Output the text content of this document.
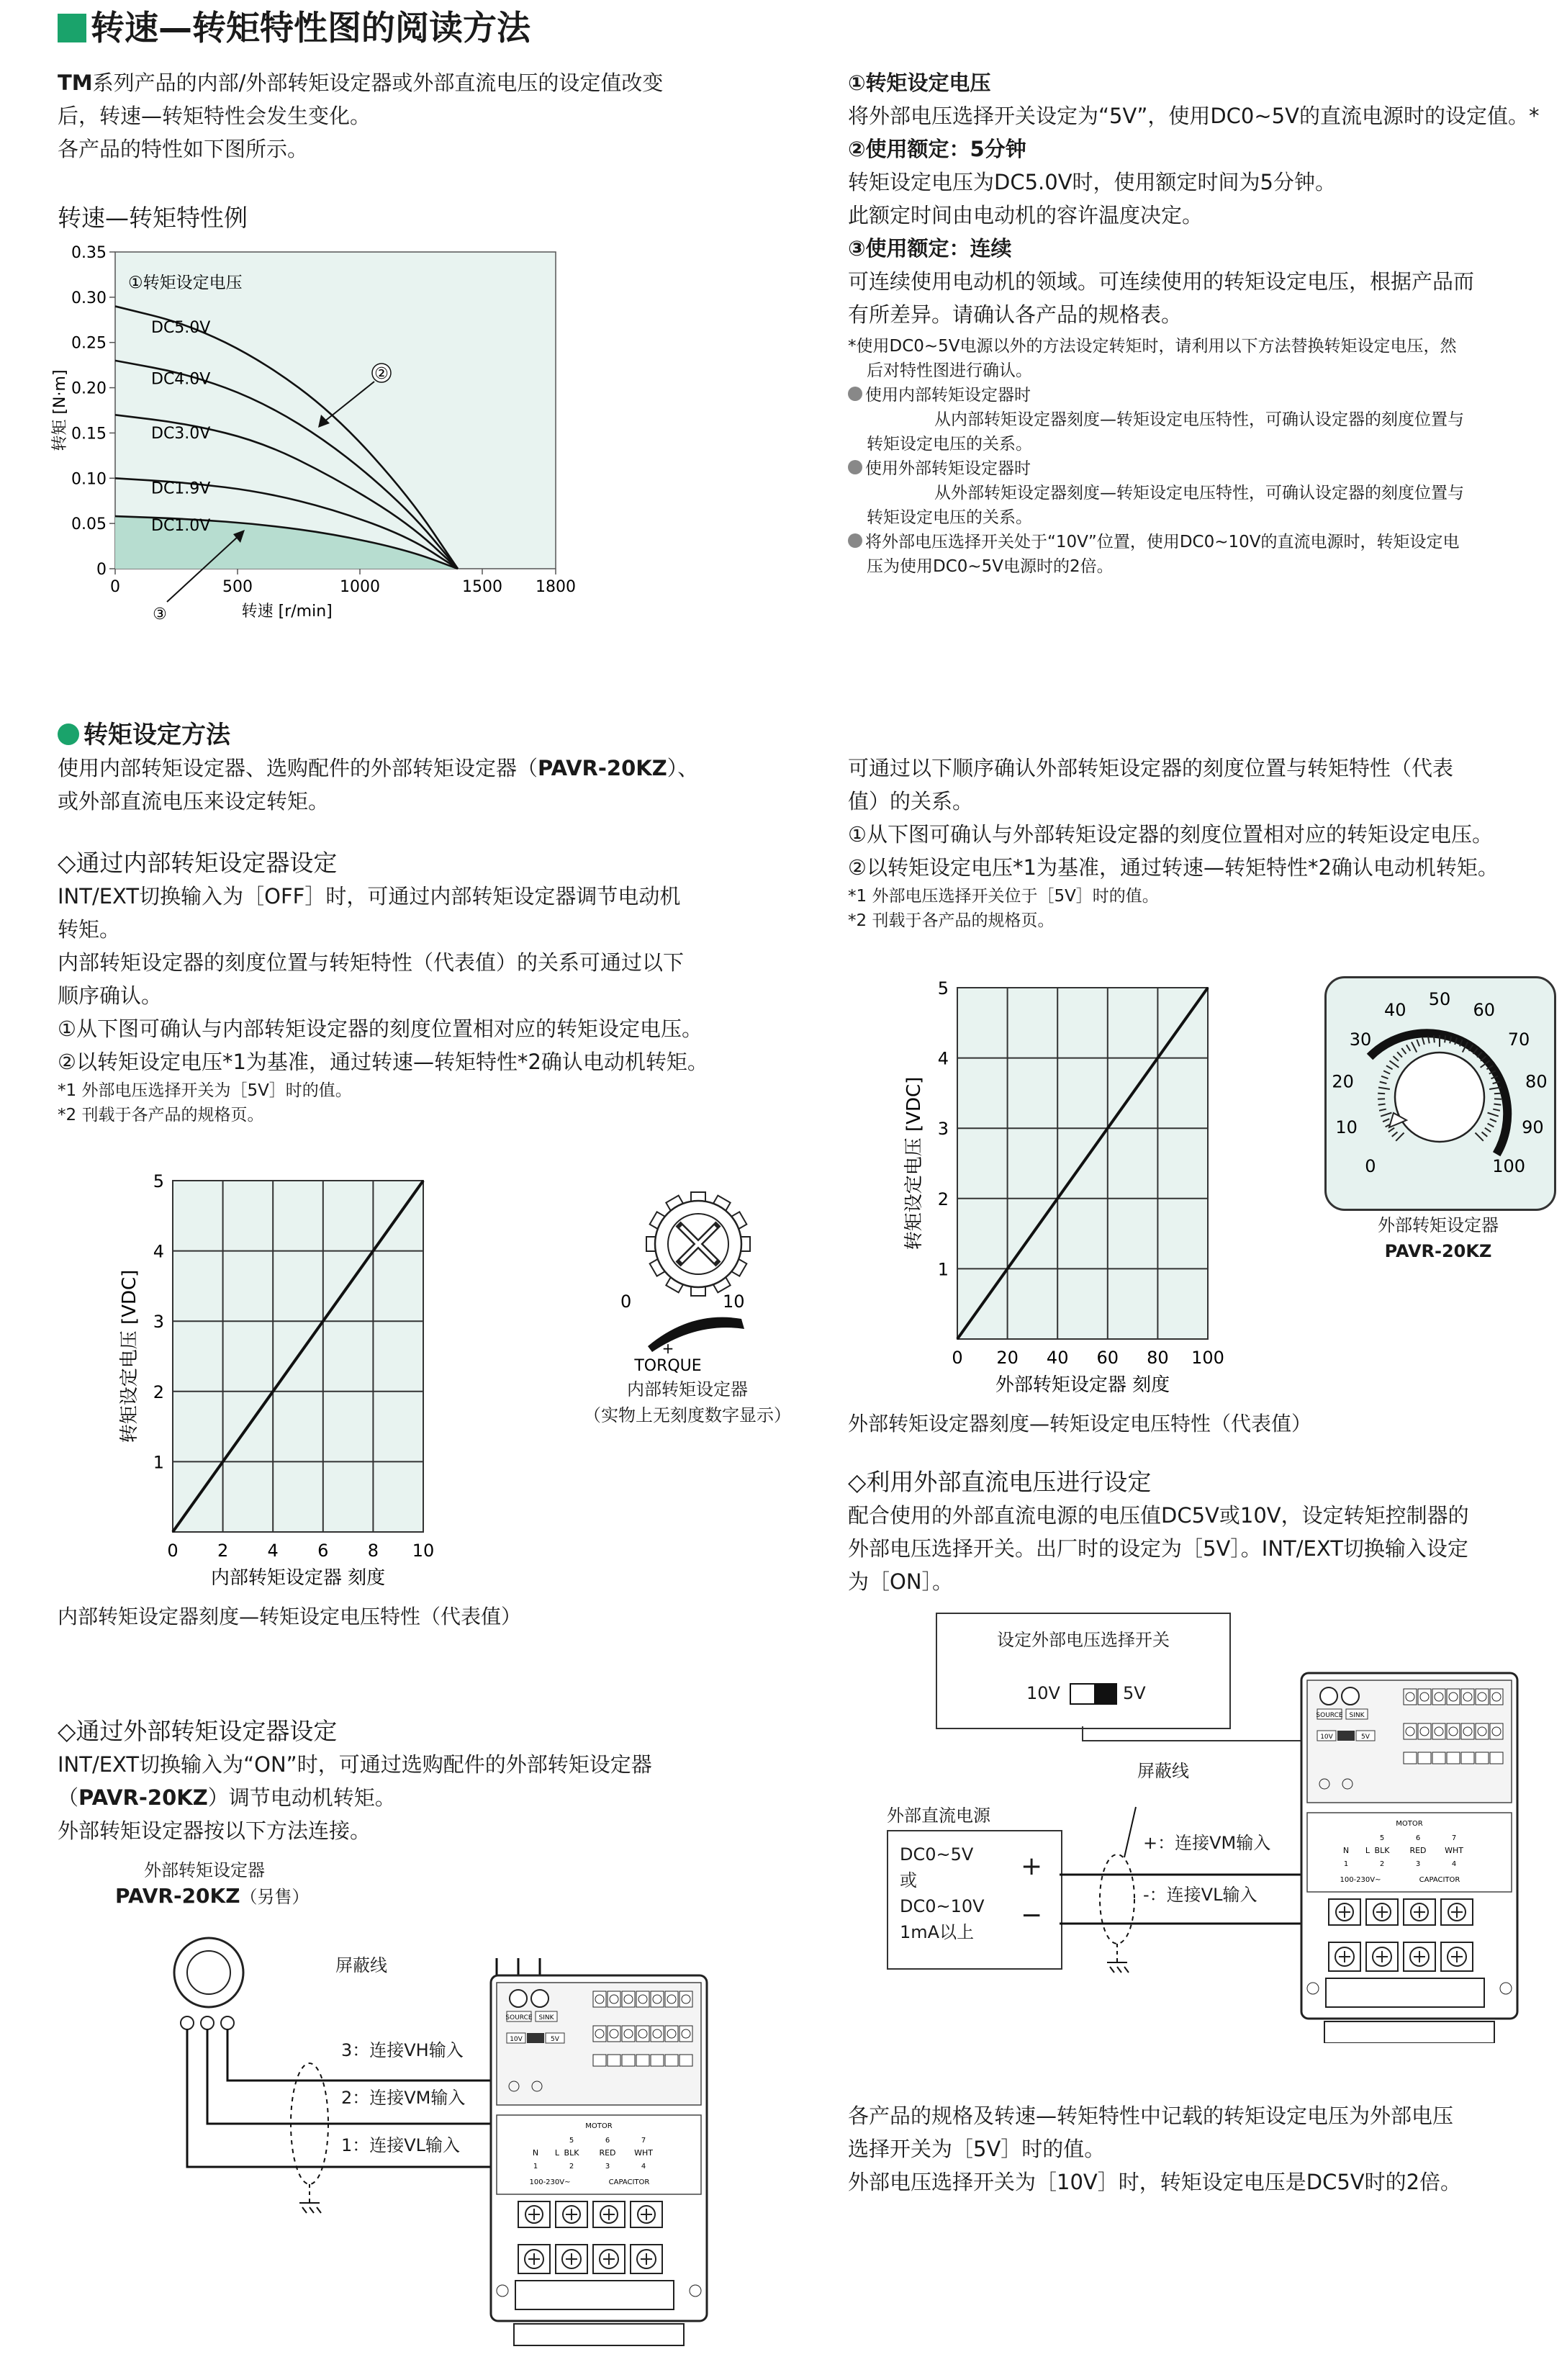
转速—转矩特性图的阅读方法
TM系列产品的内部/外部转矩设定器或外部直流电压的设定值改变
后，转速—转矩特性会发生变化。
各产品的特性如下图所示。
转速—转矩特性例
0.35
0.30
0.25
0.20
0.15
0.10
0.05
0
0	500	1000	1500 1800
转矩 [N·m]
转速 [r/min]
①转矩设定电压
DC5.0V
DC4.0V
DC3.0V
DC1.9V
DC1.0V
②
③
①转矩设定电压
将外部电压选择开关设定为“5V”，使用DC0~5V的直流电源时的设定值。*
②使用额定：5分钟
转矩设定电压为DC5.0V时，使用额定时间为5分钟。
此额定时间由电动机的容许温度决定。
③使用额定：连续
可连续使用电动机的领域。可连续使用的转矩设定电压，根据产品而
有所差异。请确认各产品的规格表。
*使用DC0~5V电源以外的方法设定转矩时，请利用以下方法替换转矩设定电压，然
后对特性图进行确认。
使用内部转矩设定器时
从内部转矩设定器刻度—转矩设定电压特性，可确认设定器的刻度位置与
转矩设定电压的关系。
使用外部转矩设定器时
从外部转矩设定器刻度—转矩设定电压特性，可确认设定器的刻度位置与
转矩设定电压的关系。
将外部电压选择开关处于“10V”位置，使用DC0~10V的直流电源时，转矩设定电
压为使用DC0~5V电源时的2倍。
转矩设定方法
使用内部转矩设定器、选购配件的外部转矩设定器（PAVR-20KZ）、
或外部直流电压来设定转矩。
◇通过内部转矩设定器设定
INT/EXT切换输入为［OFF］时，可通过内部转矩设定器调节电动机
转矩。
内部转矩设定器的刻度位置与转矩特性（代表值）的关系可通过以下
顺序确认。
①从下图可确认与内部转矩设定器的刻度位置相对应的转矩设定电压。
②以转矩设定电压*1为基准，通过转速—转矩特性*2确认电动机转矩。
*1 外部电压选择开关为［5V］时的值。
*2 刊载于各产品的规格页。
5
4
3
2
1
0 2 4 6 8 10
转矩设定电压 [VDC]
内部转矩设定器 刻度
内部转矩设定器刻度—转矩设定电压特性（代表值）
0	10
+
TORQUE
内部转矩设定器
（实物上无刻度数字显示）
可通过以下顺序确认外部转矩设定器的刻度位置与转矩特性（代表
值）的关系。
①从下图可确认与外部转矩设定器的刻度位置相对应的转矩设定电压。
②以转矩设定电压*1为基准，通过转速—转矩特性*2确认电动机转矩。
*1 外部电压选择开关位于［5V］时的值。
*2 刊载于各产品的规格页。
5
4
3
2
1
0 20 40 60 80 100
转矩设定电压 [VDC]
外部转矩设定器 刻度
外部转矩设定器刻度—转矩设定电压特性（代表值）
0
10
20
30
40
50
60
70
80
90
100
外部转矩设定器
PAVR-20KZ
◇利用外部直流电压进行设定
配合使用的外部直流电源的电压值DC5V或10V，设定转矩控制器的
外部电压选择开关。出厂时的设定为［5V］。INT/EXT切换输入设定
为［ON］。
设定外部电压选择开关
10V	5V
外部直流电源
DC0~5V
或
DC0~10V
1mA以上
+
−
屏蔽线
+：连接VM输入
-：连接VL输入
SOURCE SINK
10V	5V
MOTOR
5	6	7
BLK	RED WHT
N L
1	2	3	4
100-230V~	CAPACITOR
各产品的规格及转速—转矩特性中记载的转矩设定电压为外部电压
选择开关为［5V］时的值。
外部电压选择开关为［10V］时，转矩设定电压是DC5V时的2倍。
◇通过外部转矩设定器设定
INT/EXT切换输入为“ON”时，可通过选购配件的外部转矩设定器
（PAVR-20KZ）调节电动机转矩。
外部转矩设定器按以下方法连接。
外部转矩设定器
PAVR-20KZ（另售）
屏蔽线
3：连接VH输入
2：连接VM输入
1：连接VL输入
SOURCE SINK
10V	5V
MOTOR
5	6	7
BLK	RED WHT
N L
1	2	3	4
100-230V~	CAPACITOR
